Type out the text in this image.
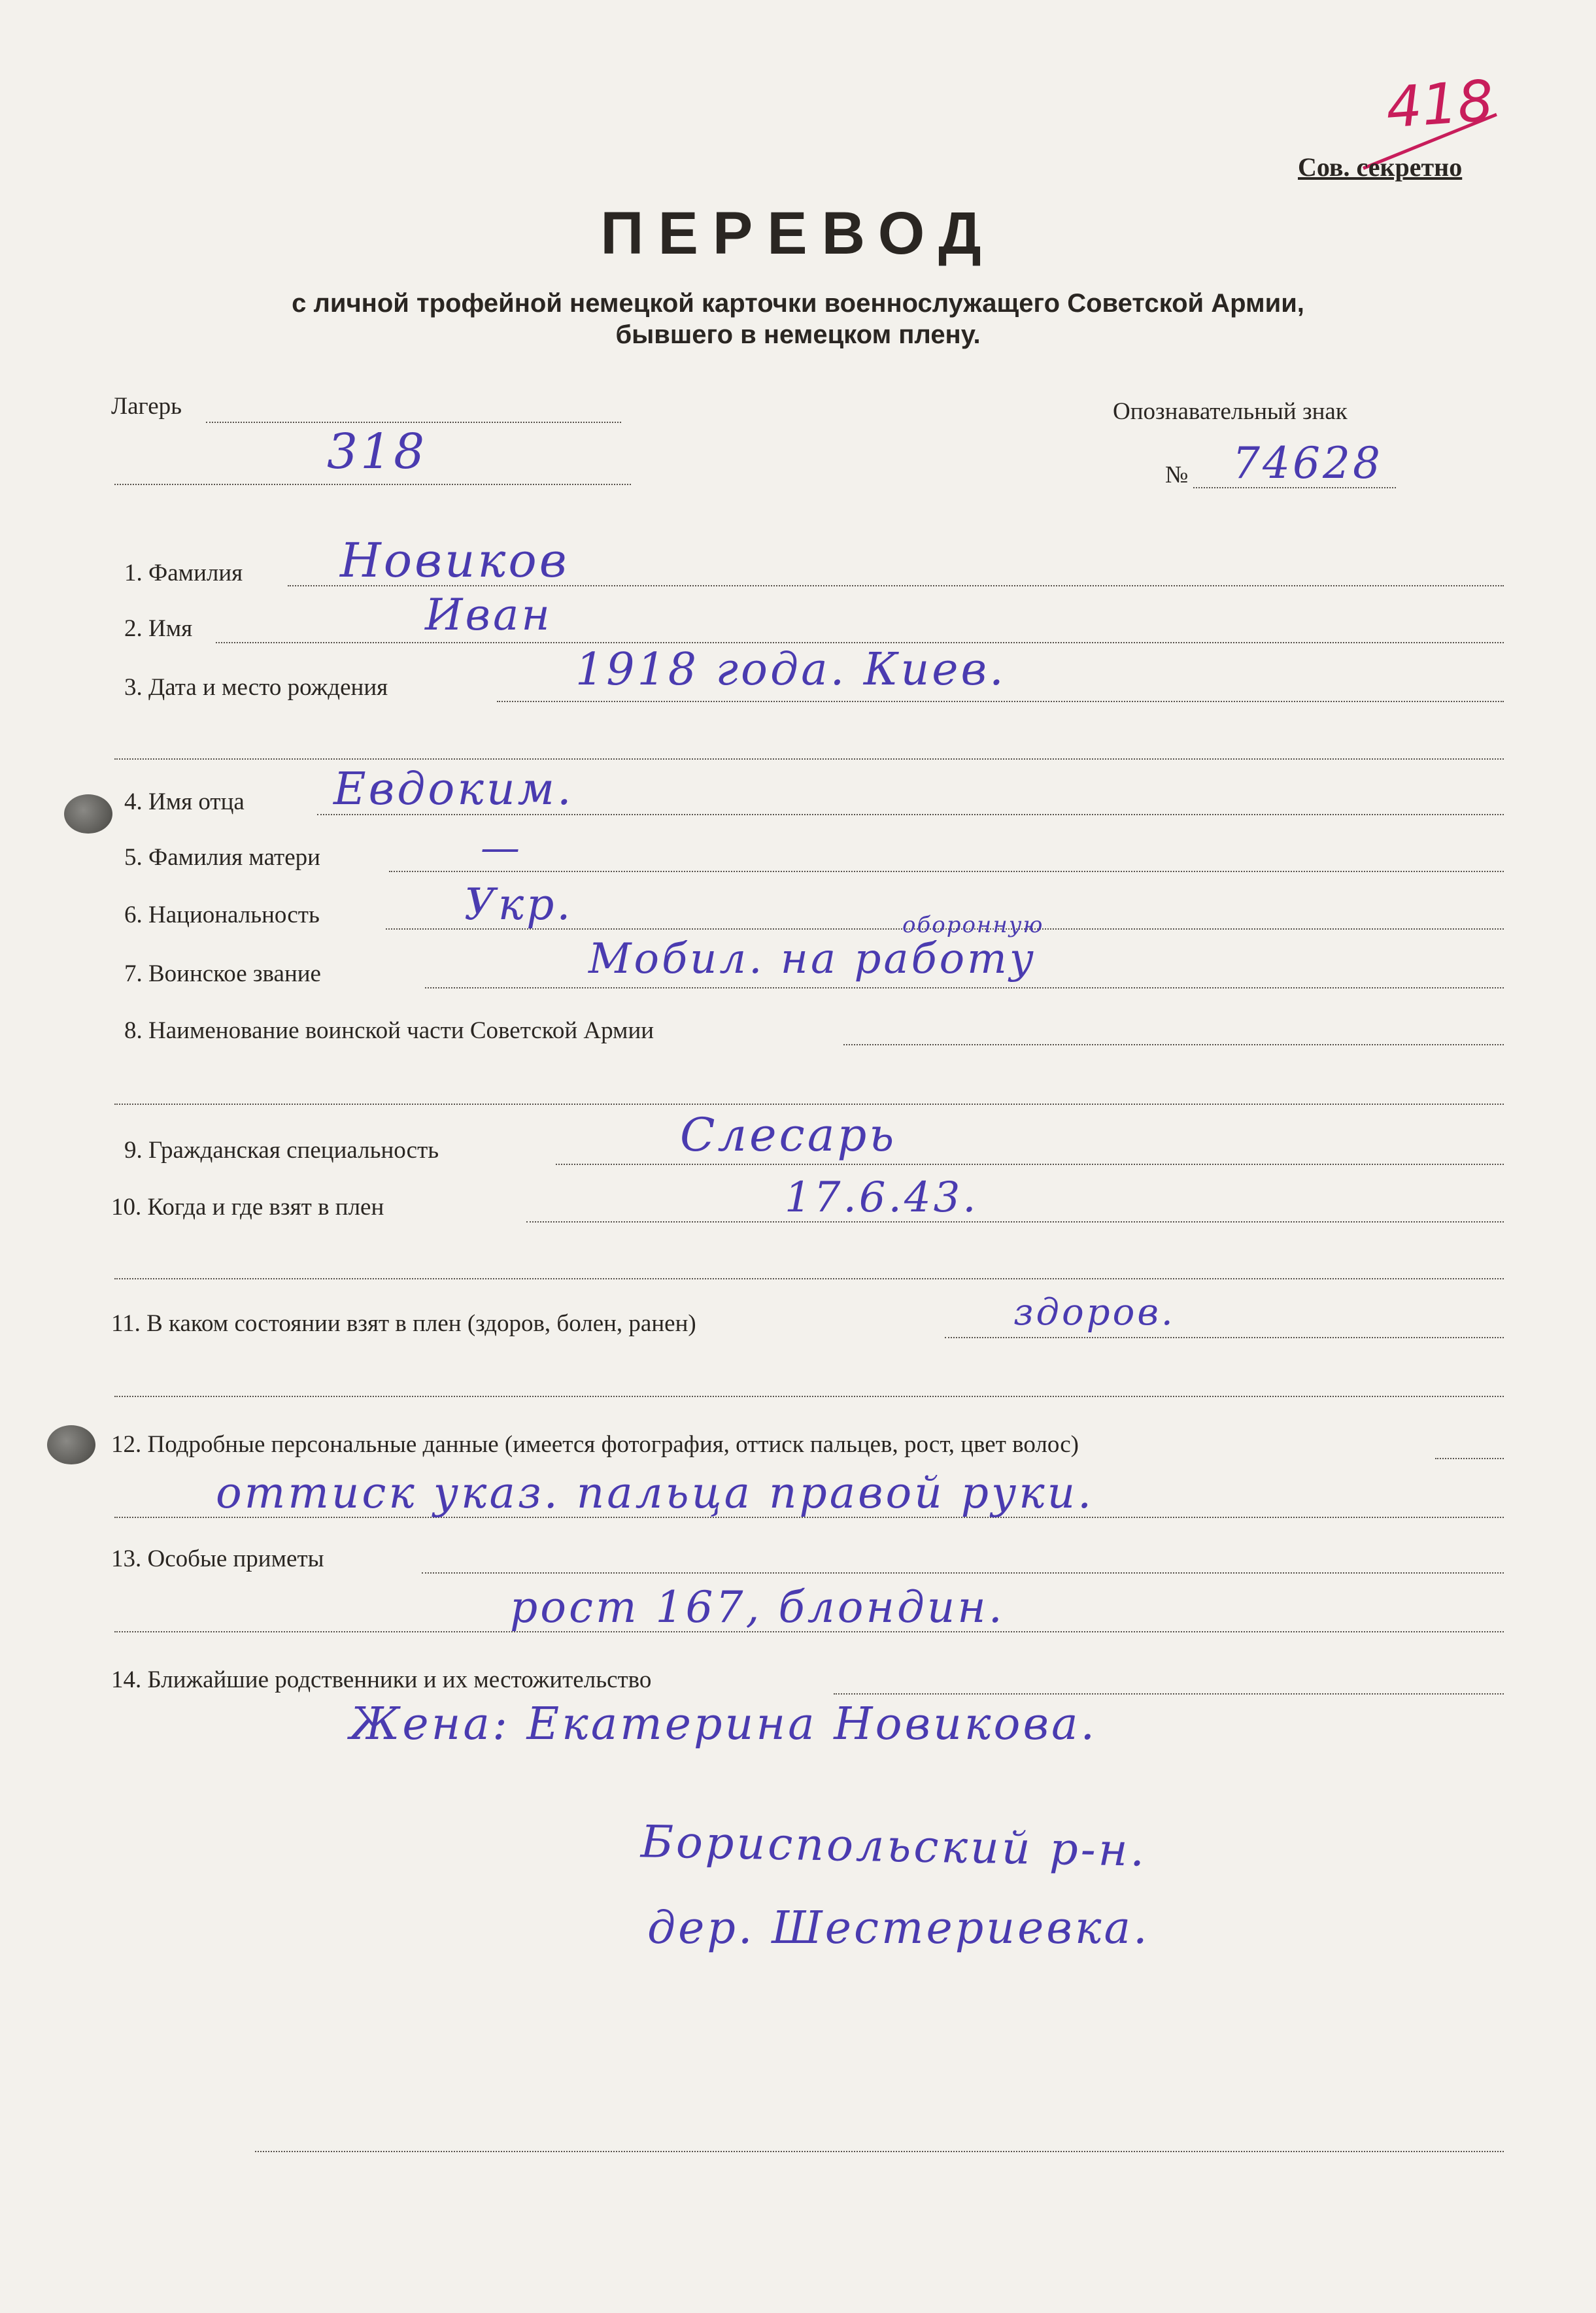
418
Сов. секретно
ПЕРЕВОД
с личной трофейной немецкой карточки военнослужащего Советской Армии,
бывшего в немецком плену.
Лагерь
318
Опознавательный знак
№ 74628
1. Фамилия Новиков
2. Имя	Иван
3. Дата и место рождения	1918 года. Киев.
4. Имя отца Евдоким.
5. Фамилия матери	—
6. Национальность	Укр.
7. Воинское звание	Мобил. на работу
оборонную
8. Наименование воинской части Советской Армии
9. Гражданская специальность	Слесарь
10. Когда и где взят в плен	17.6.43.
11. В каком состоянии взят в плен (здоров, болен, ранен)	здоров.
12. Подробные персональные данные (имеется фотография, оттиск пальцев, рост, цвет волос)
оттиск указ. пальца правой руки.
13. Особые приметы
рост 167, блондин.
14. Ближайшие родственники и их местожительство
Жена: Екатерина Новикова.
Бориспольский р-н.
дер. Шестериевка.
